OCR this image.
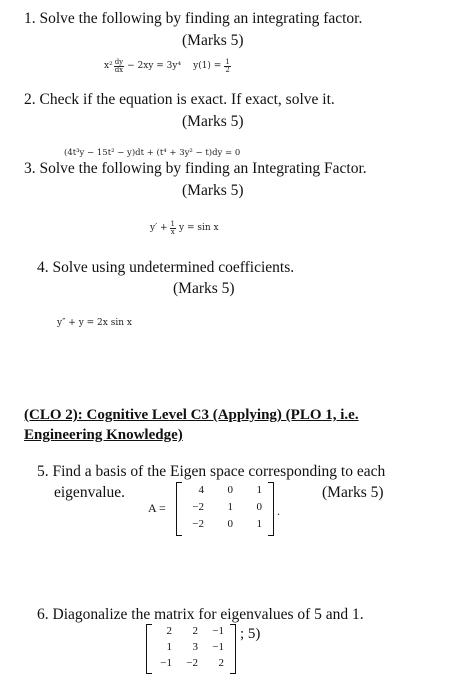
1. Solve the following by finding an integrating factor.
(Marks 5)
$x^2 \frac{dy}{dx} - 2xy = 3y^4$ $y(1) = \frac{1}{2}$
2. Check if the equation is exact. If exact, solve it.
(Marks 5)
(4t³y − 15t² − y)dt + (t⁴ + 3y² − t)dy = 0
3. Solve the following by finding an Integrating Factor.
(Marks 5)
$y' + \frac{1}{x}$ y = sin x
4. Solve using undetermined coefficients.
(Marks 5)
y″ + y = 2x sin x
(CLO 2): Cognitive Level C3 (Applying) (PLO 1, i.e.
Engineering Knowledge)
5. Find a basis of the Eigen space corresponding to each
eigenvalue.	(Marks 5)
A =
4	0	1
−2	1	0
−2	0	1
.
6. Diagonalize the matrix for eigenvalues of 5 and 1.
2	2	−1
1	3	−1
−1	−2	2
; 5)
